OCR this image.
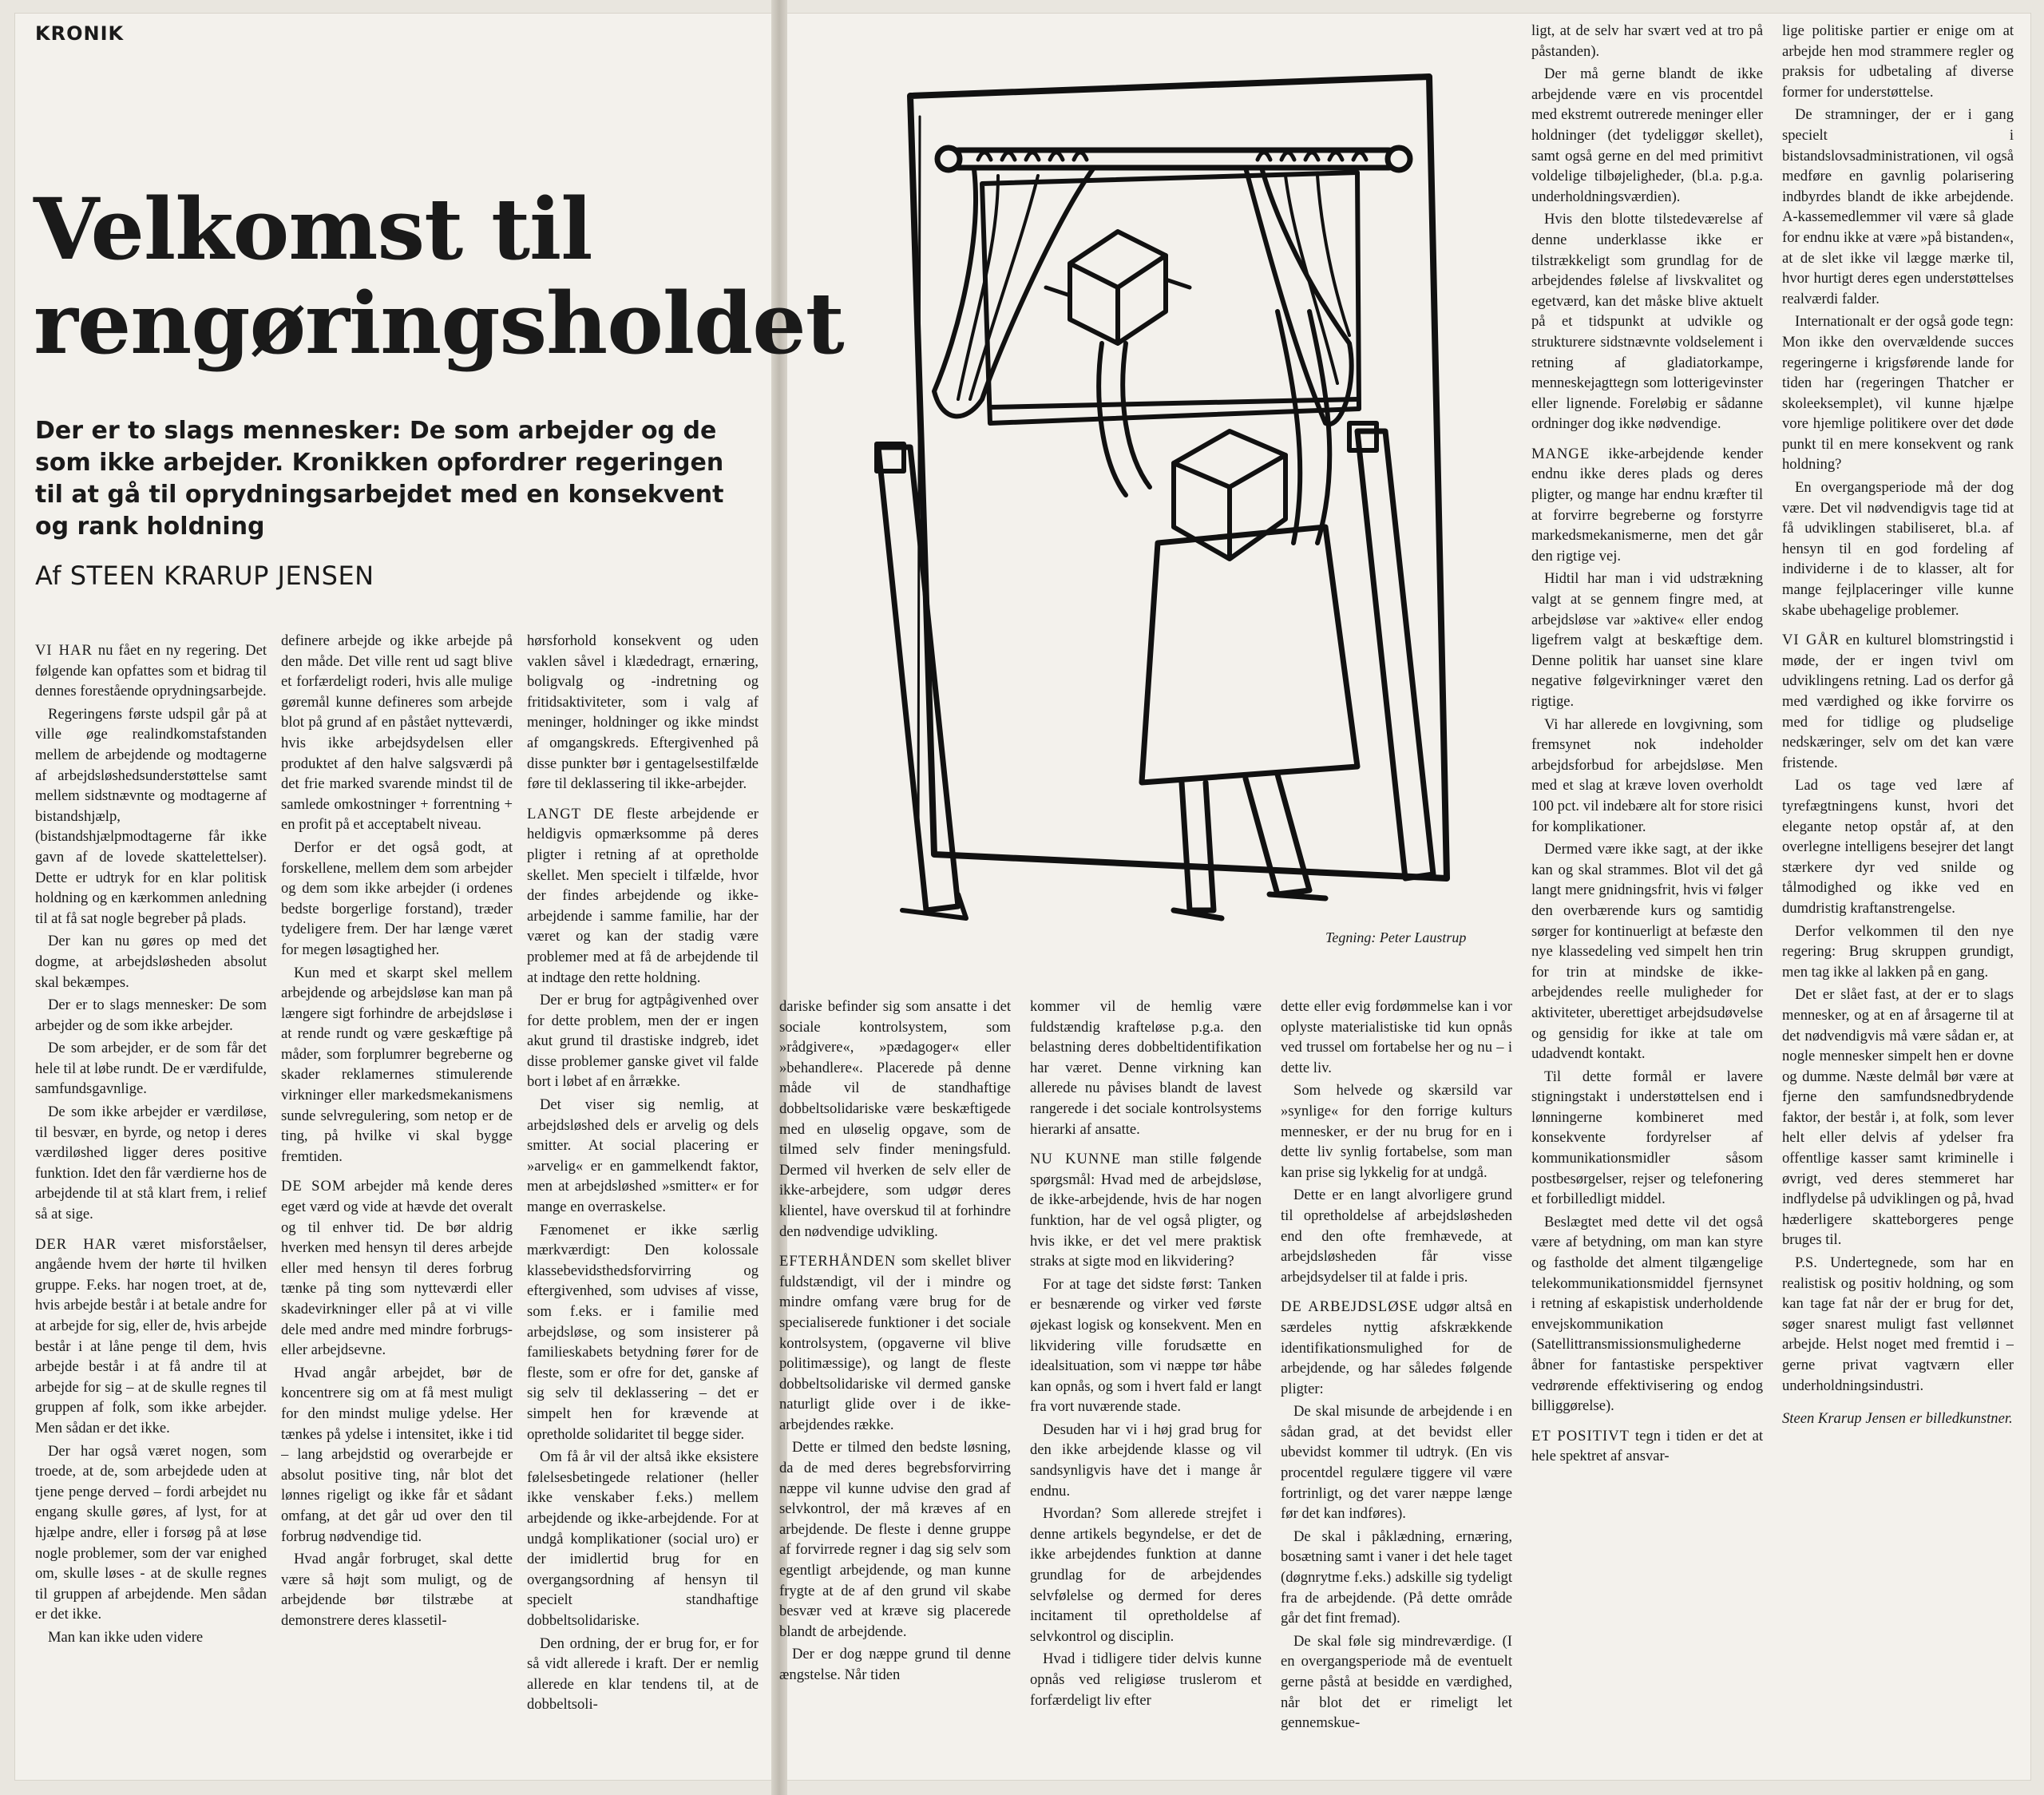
KRONIK
Velkomst til
rengøringsholdet

Der er to slags mennesker: De som arbejder og de som ikke arbejder. Kronikken opfordrer regeringen til at gå til oprydningsarbejdet med en konsekvent og rank holdning

Af STEEN KRARUP JENSEN
Tegning: Peter Laustrup

VI HAR nu fået en ny regering. Det følgende kan opfattes som et bidrag til dennes forestående oprydningsarbejde.

Regeringens første udspil går på at ville øge realindkomstafstanden mellem de arbejdende og modtagerne af arbejdsløshedsunderstøttelse samt mellem sidstnævnte og modtagerne af bistandshjælp, (bistandshjælpmodtagerne får ikke gavn af de lovede skattelettelser). Dette er udtryk for en klar politisk holdning og en kærkommen anledning til at få sat nogle begreber på plads.

Der kan nu gøres op med det dogme, at arbejdsløsheden absolut skal bekæmpes.

Der er to slags mennesker: De som arbejder og de som ikke arbejder.

De som arbejder, er de som får det hele til at løbe rundt. De er værdifulde, samfundsgavnlige.

De som ikke arbejder er værdiløse, til besvær, en byrde, og netop i deres værdiløshed ligger deres positive funktion. Idet den får værdierne hos de arbejdende til at stå klart frem, i relief så at sige.

DER HAR været misforståelser, angående hvem der hørte til hvilken gruppe. F.eks. har nogen troet, at de, hvis arbejde består i at betale andre for at arbejde for sig, eller de, hvis arbejde består i at låne penge til dem, hvis arbejde består i at få andre til at arbejde for sig – at de skulle regnes til gruppen af folk, som ikke arbejder. Men sådan er det ikke.

Der har også været nogen, som troede, at de, som arbejdede uden at tjene penge derved – fordi arbejdet nu engang skulle gøres, af lyst, for at hjælpe andre, eller i forsøg på at løse nogle problemer, som der var enighed om, skulle løses - at de skulle regnes til gruppen af arbejdende. Men sådan er det ikke.

Man kan ikke uden videre

definere arbejde og ikke arbejde på den måde. Det ville rent ud sagt blive et forfærdeligt roderi, hvis alle mulige gøremål kunne defineres som arbejde blot på grund af en påstået nytteværdi, hvis ikke arbejdsydelsen eller produktet af den halve salgsværdi på det frie marked svarende mindst til de samlede omkostninger + forrentning + en profit på et acceptabelt niveau.

Derfor er det også godt, at forskellene, mellem dem som arbejder og dem som ikke arbejder (i ordenes bedste borgerlige forstand), træder tydeligere frem. Der har længe været for megen løsagtighed her.

Kun med et skarpt skel mellem arbejdende og arbejdsløse kan man på længere sigt forhindre de arbejdsløse i at rende rundt og være geskæftige på måder, som forplumrer begreberne og skader reklamernes stimulerende virkninger eller markedsmekanismens sunde selvregulering, som netop er de ting, på hvilke vi skal bygge fremtiden.

DE SOM arbejder må kende deres eget værd og vide at hævde det overalt og til enhver tid. De bør aldrig hverken med hensyn til deres arbejde eller med hensyn til deres forbrug tænke på ting som nytteværdi eller skadevirkninger eller på at vi ville dele med andre med mindre forbrugs- eller arbejdsevne.

Hvad angår arbejdet, bør de koncentrere sig om at få mest muligt for den mindst mulige ydelse. Her tænkes på ydelse i intensitet, ikke i tid – lang arbejdstid og overarbejde er absolut positive ting, når blot det lønnes rigeligt og ikke får et sådant omfang, at det går ud over den til forbrug nødvendige tid.

Hvad angår forbruget, skal dette være så højt som muligt, og de arbejdende bør tilstræbe at demonstrere deres klassetil-

hørsforhold konsekvent og uden vaklen såvel i klædedragt, ernæring, boligvalg og -indretning og fritidsaktiviteter, som i valg af meninger, holdninger og ikke mindst af omgangskreds. Eftergivenhed på disse punkter bør i gentagelsestilfælde føre til deklassering til ikke-arbejder.

LANGT DE fleste arbejdende er heldigvis opmærksomme på deres pligter i retning af at opretholde skellet. Men specielt i tilfælde, hvor der findes arbejdende og ikke-arbejdende i samme familie, har der været og kan der stadig være problemer med at få de arbejdende til at indtage den rette holdning.

Der er brug for agtpågivenhed over for dette problem, men der er ingen akut grund til drastiske indgreb, idet disse problemer ganske givet vil falde bort i løbet af en årrække.

Det viser sig nemlig, at arbejdsløshed dels er arvelig og dels smitter. At social placering er »arvelig« er en gammelkendt faktor, men at arbejdsløshed »smitter« er for mange en overraskelse.

Fænomenet er ikke særlig mærkværdigt: Den kolossale klassebevidsthedsforvirring og eftergivenhed, som udvises af visse, som f.eks. er i familie med arbejdsløse, og som insisterer på familieskabets betydning fører for de fleste, som er ofre for det, ganske af sig selv til deklassering – det er simpelt hen for krævende at opretholde solidaritet til begge sider.

Om få år vil der altså ikke eksistere følelsesbetingede relationer (heller ikke venskaber f.eks.) mellem arbejdende og ikke-arbejdende. For at undgå komplikationer (social uro) er der imidlertid brug for en overgangsordning af hensyn til specielt standhaftige dobbeltsolidariske.

Den ordning, der er brug for, er for så vidt allerede i kraft. Der er nemlig allerede en klar tendens til, at de dobbeltsoli-

dariske befinder sig som ansatte i det sociale kontrolsystem, som »rådgivere«, »pædagoger« eller »behandlere«. Placerede på denne måde vil de standhaftige dobbeltsolidariske være beskæftigede med en uløselig opgave, som de tilmed selv finder meningsfuld. Dermed vil hverken de selv eller de ikke-arbejdere, som udgør deres klientel, have overskud til at forhindre den nødvendige udvikling.

EFTERHÅNDEN som skellet bliver fuldstændigt, vil der i mindre og mindre omfang være brug for de specialiserede funktioner i det sociale kontrolsystem, (opgaverne vil blive politimæssige), og langt de fleste dobbeltsolidariske vil dermed ganske naturligt glide over i de ikke-arbejdendes række.

Dette er tilmed den bedste løsning, da de med deres begrebsforvirring næppe vil kunne udvise den grad af selvkontrol, der må kræves af en arbejdende. De fleste i denne gruppe af forvirrede regner i dag sig selv som egentligt arbejdende, og man kunne frygte at de af den grund vil skabe besvær ved at kræve sig placerede blandt de arbejdende.

Der er dog næppe grund til denne ængstelse. Når tiden

kommer vil de hemlig være fuldstændig krafteløse p.g.a. den belastning deres dobbeltidentifikation har været. Denne virkning kan allerede nu påvises blandt de lavest rangerede i det sociale kontrolsystems hierarki af ansatte.

NU KUNNE man stille følgende spørgsmål: Hvad med de arbejdsløse, de ikke-arbejdende, hvis de har nogen funktion, har de vel også pligter, og hvis ikke, er det vel mere praktisk straks at sigte mod en likvidering?

For at tage det sidste først: Tanken er besnærende og virker ved første øjekast logisk og konsekvent. Men en likvidering ville forudsætte en idealsituation, som vi næppe tør håbe kan opnås, og som i hvert fald er langt fra vort nuværende stade.

Desuden har vi i høj grad brug for den ikke arbejdende klasse og vil sandsynligvis have det i mange år endnu.

Hvordan? Som allerede strejfet i denne artikels begyndelse, er det de ikke arbejdendes funktion at danne grundlag for de arbejdendes selvfølelse og dermed for deres incitament til opretholdelse af selvkontrol og disciplin.

Hvad i tidligere tider delvis kunne opnås ved religiøse truslerom et forfærdeligt liv efter

dette eller evig fordømmelse kan i vor oplyste materialistiske tid kun opnås ved trussel om fortabelse her og nu – i dette liv.

Som helvede og skærsild var »synlige« for den forrige kulturs mennesker, er der nu brug for en i dette liv synlig fortabelse, som man kan prise sig lykkelig for at undgå.

Dette er en langt alvorligere grund til opretholdelse af arbejdsløsheden end den ofte fremhævede, at arbejdsløsheden får visse arbejdsydelser til at falde i pris.

DE ARBEJDSLØSE udgør altså en særdeles nyttig afskrækkende identifikationsmulighed for de arbejdende, og har således følgende pligter:

De skal misunde de arbejdende i en sådan grad, at det bevidst eller ubevidst kommer til udtryk. (En vis procentdel regulære tiggere vil være fortrinligt, og det varer næppe længe før det kan indføres).

De skal i påklædning, ernæring, bosætning samt i vaner i det hele taget (døgnrytme f.eks.) adskille sig tydeligt fra de arbejdende. (På dette område går det fint fremad).

De skal føle sig mindreværdige. (I en overgangsperiode må de eventuelt gerne påstå at besidde en værdighed, når blot det er rimeligt let gennemskue-

ligt, at de selv har svært ved at tro på påstanden).

Der må gerne blandt de ikke arbejdende være en vis procentdel med ekstremt outrerede meninger eller holdninger (det tydeliggør skellet), samt også gerne en del med primitivt voldelige tilbøjeligheder, (bl.a. p.g.a. underholdningsværdien).

Hvis den blotte tilstedeværelse af denne underklasse ikke er tilstrækkeligt som grundlag for de arbejdendes følelse af livskvalitet og egetværd, kan det måske blive aktuelt på et tidspunkt at udvikle og strukturere sidstnævnte voldselement i retning af gladiatorkampe, menneskejagttegn som lotterigevinster eller lignende. Foreløbig er sådanne ordninger dog ikke nødvendige.

MANGE ikke-arbejdende kender endnu ikke deres plads og deres pligter, og mange har endnu kræfter til at forvirre begreberne og forstyrre markedsmekanismerne, men det går den rigtige vej.

Hidtil har man i vid udstrækning valgt at se gennem fingre med, at arbejdsløse var »aktive« eller endog ligefrem valgt at beskæftige dem. Denne politik har uanset sine klare negative følgevirkninger været den rigtige.

Vi har allerede en lovgivning, som fremsynet nok indeholder arbejdsforbud for arbejdsløse. Men med et slag at kræve loven overholdt 100 pct. vil indebære alt for store risici for komplikationer.

Dermed være ikke sagt, at der ikke kan og skal strammes. Blot vil det gå langt mere gnidningsfrit, hvis vi følger den overbærende kurs og samtidig sørger for kontinuerligt at befæste den nye klassedeling ved simpelt hen trin for trin at mindske de ikke-arbejdendes reelle muligheder for aktiviteter, uberettiget arbejdsudøvelse og gensidig for ikke at tale om udadvendt kontakt.

Til dette formål er lavere stigningstakt i understøttelsen end i lønningerne kombineret med konsekvente fordyrelser af kommunikationsmidler såsom postbesørgelser, rejser og telefonering et forbilledligt middel.

Beslægtet med dette vil det også være af betydning, om man kan styre og fastholde det alment tilgængelige telekommunikationsmiddel fjernsynet i retning af eskapistisk underholdende envejskommunikation (Satellittransmissionsmulighederne åbner for fantastiske perspektiver vedrørende effektivisering og endog billiggørelse).

ET POSITIVT tegn i tiden er det at hele spektret af ansvar-

lige politiske partier er enige om at arbejde hen mod strammere regler og praksis for udbetaling af diverse former for understøttelse.

De stramninger, der er i gang specielt i bistandslovsadministrationen, vil også medføre en gavnlig polarisering indbyrdes blandt de ikke arbejdende. A-kassemedlemmer vil være så glade for endnu ikke at være »på bistanden«, at de slet ikke vil lægge mærke til, hvor hurtigt deres egen understøttelses realværdi falder.

Internationalt er der også gode tegn: Mon ikke den overvældende succes regeringerne i krigsførende lande for tiden har (regeringen Thatcher er skoleeksemplet), vil kunne hjælpe vore hjemlige politikere over det døde punkt til en mere konsekvent og rank holdning?

En overgangsperiode må der dog være. Det vil nødvendigvis tage tid at få udviklingen stabiliseret, bl.a. af hensyn til en god fordeling af individerne i de to klasser, alt for mange fejlplaceringer ville kunne skabe ubehagelige problemer.

VI GÅR en kulturel blomstringstid i møde, der er ingen tvivl om udviklingens retning. Lad os derfor gå med værdighed og ikke forvirre os med for tidlige og pludselige nedskæringer, selv om det kan være fristende.

Lad os tage ved lære af tyrefægtningens kunst, hvori det elegante netop opstår af, at den overlegne intelligens besejrer det langt stærkere dyr ved snilde og tålmodighed og ikke ved en dumdristig kraftanstrengelse.

Derfor velkommen til den nye regering: Brug skruppen grundigt, men tag ikke al lakken på en gang.

Det er slået fast, at der er to slags mennesker, og at en af årsagerne til at det nødvendigvis må være sådan er, at nogle mennesker simpelt hen er dovne og dumme. Næste delmål bør være at fjerne den samfundsnedbrydende faktor, der består i, at folk, som lever helt eller delvis af ydelser fra offentlige kasser samt kriminelle i øvrigt, ved deres stemmeret har indflydelse på udviklingen og på, hvad hæderligere skatteborgeres penge bruges til.

P.S. Undertegnede, som har en realistisk og positiv holdning, og som kan tage fat når der er brug for det, søger snarest muligt fast vellønnet arbejde. Helst noget med fremtid i – gerne privat vagtværn eller underholdningsindustri.

Steen Krarup Jensen er billedkunstner.
